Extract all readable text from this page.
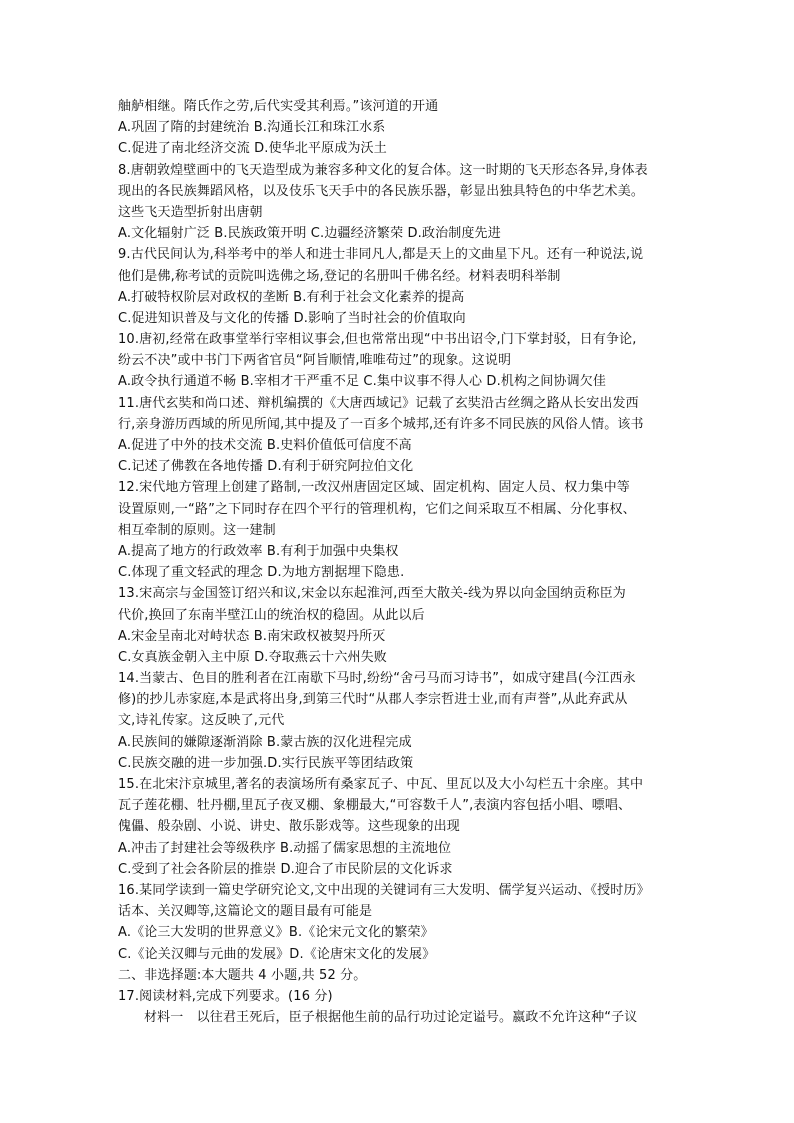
舳舻相继。隋氏作之劳,后代实受其利焉。”该河道的开通
A.巩固了隋的封建统治 B.沟通长江和珠江水系
C.促进了南北经济交流 D.使华北平原成为沃土
8.唐朝敦煌壁画中的飞天造型成为兼容多种文化的复合体。这一时期的飞天形态各异,身体表
现出的各民族舞蹈风格，以及伎乐飞天手中的各民族乐器，彰显出独具特色的中华艺术美。
这些飞天造型折射出唐朝
A.文化辐射广泛 B.民族政策开明 C.边疆经济繁荣 D.政治制度先进
9.古代民间认为,科举考中的举人和进士非同凡人,都是天上的文曲星下凡。还有一种说法,说
他们是佛,称考试的贡院叫选佛之场,登记的名册叫千佛名经。材料表明科举制
A.打破特权阶层对政权的垄断 B.有利于社会文化素养的提高
C.促进知识普及与文化的传播 D.影响了当时社会的价值取向
10.唐初,经常在政事堂举行宰相议事会,但也常常出现“中书出诏令,门下掌封驳，日有争论,
纷云不决”或中书门下两省官员“阿旨顺情,唯唯苟过”的现象。这说明
A.政令执行通道不畅 B.宰相才干严重不足 C.集中议事不得人心 D.机构之间协调欠佳
11.唐代玄奘和尚口述、辩机编撰的《大唐西域记》记载了玄奘沿古丝绸之路从长安出发西
行,亲身游历西域的所见所闻,其中提及了一百多个城邦,还有许多不同民族的风俗人情。该书
A.促进了中外的技术交流 B.史料价值低可信度不高
C.记述了佛教在各地传播 D.有利于研究阿拉伯文化
12.宋代地方管理上创建了路制,一改汉州唐固定区域、固定机构、固定人员、权力集中等
设置原则,一“路”之下同时存在四个平行的管理机构，它们之间采取互不相属、分化事权、
相互牵制的原则。这一建制
A.提高了地方的行政效率 B.有利于加强中央集权
C.体现了重文轻武的理念 D.为地方割据埋下隐患.
13.宋高宗与金国签订绍兴和议,宋金以东起淮河,西至大散关-线为界以向金国纳贡称臣为
代价,换回了东南半壁江山的统治权的稳固。从此以后
A.宋金呈南北对峙状态 B.南宋政权被契丹所灭
C.女真族金朝入主中原 D.夺取燕云十六州失败
14.当蒙古、色目的胜利者在江南歇下马时,纷纷“舍弓马而习诗书”，如成守建昌(今江西永
修)的抄儿赤家庭,本是武将出身,到第三代时“从郡人李宗哲进士业,而有声誉”,从此弃武从
文,诗礼传家。这反映了,元代
A.民族间的嫌隙逐渐消除 B.蒙古族的汉化进程完成
C.民族交融的进一步加强.D.实行民族平等团结政策
15.在北宋汴京城里,著名的表演场所有桑家瓦子、中瓦、里瓦以及大小勾栏五十余座。其中
瓦子莲花棚、牡丹棚,里瓦子夜叉棚、象棚最大,“可容数千人”,表演内容包括小唱、嘌唱、
傀儡、般杂剧、小说、讲史、散乐影戏等。这些现象的出现
A.冲击了封建社会等级秩序 B.动摇了儒家思想的主流地位
C.受到了社会各阶层的推崇 D.迎合了市民阶层的文化诉求
16.某同学读到一篇史学研究论文,文中出现的关键词有三大发明、儒学复兴运动、《授时历》
话本、关汉卿等,这篇论文的题目最有可能是
A.《论三大发明的世界意义》B.《论宋元文化的繁荣》
C.《论关汉卿与元曲的发展》D.《论唐宋文化的发展》
二、非选择题:本大题共 4 小题,共 52 分。
17.阅读材料,完成下列要求。(16 分)
材料一　以往君王死后，臣子根据他生前的品行功过论定谥号。嬴政不允许这种“子议
